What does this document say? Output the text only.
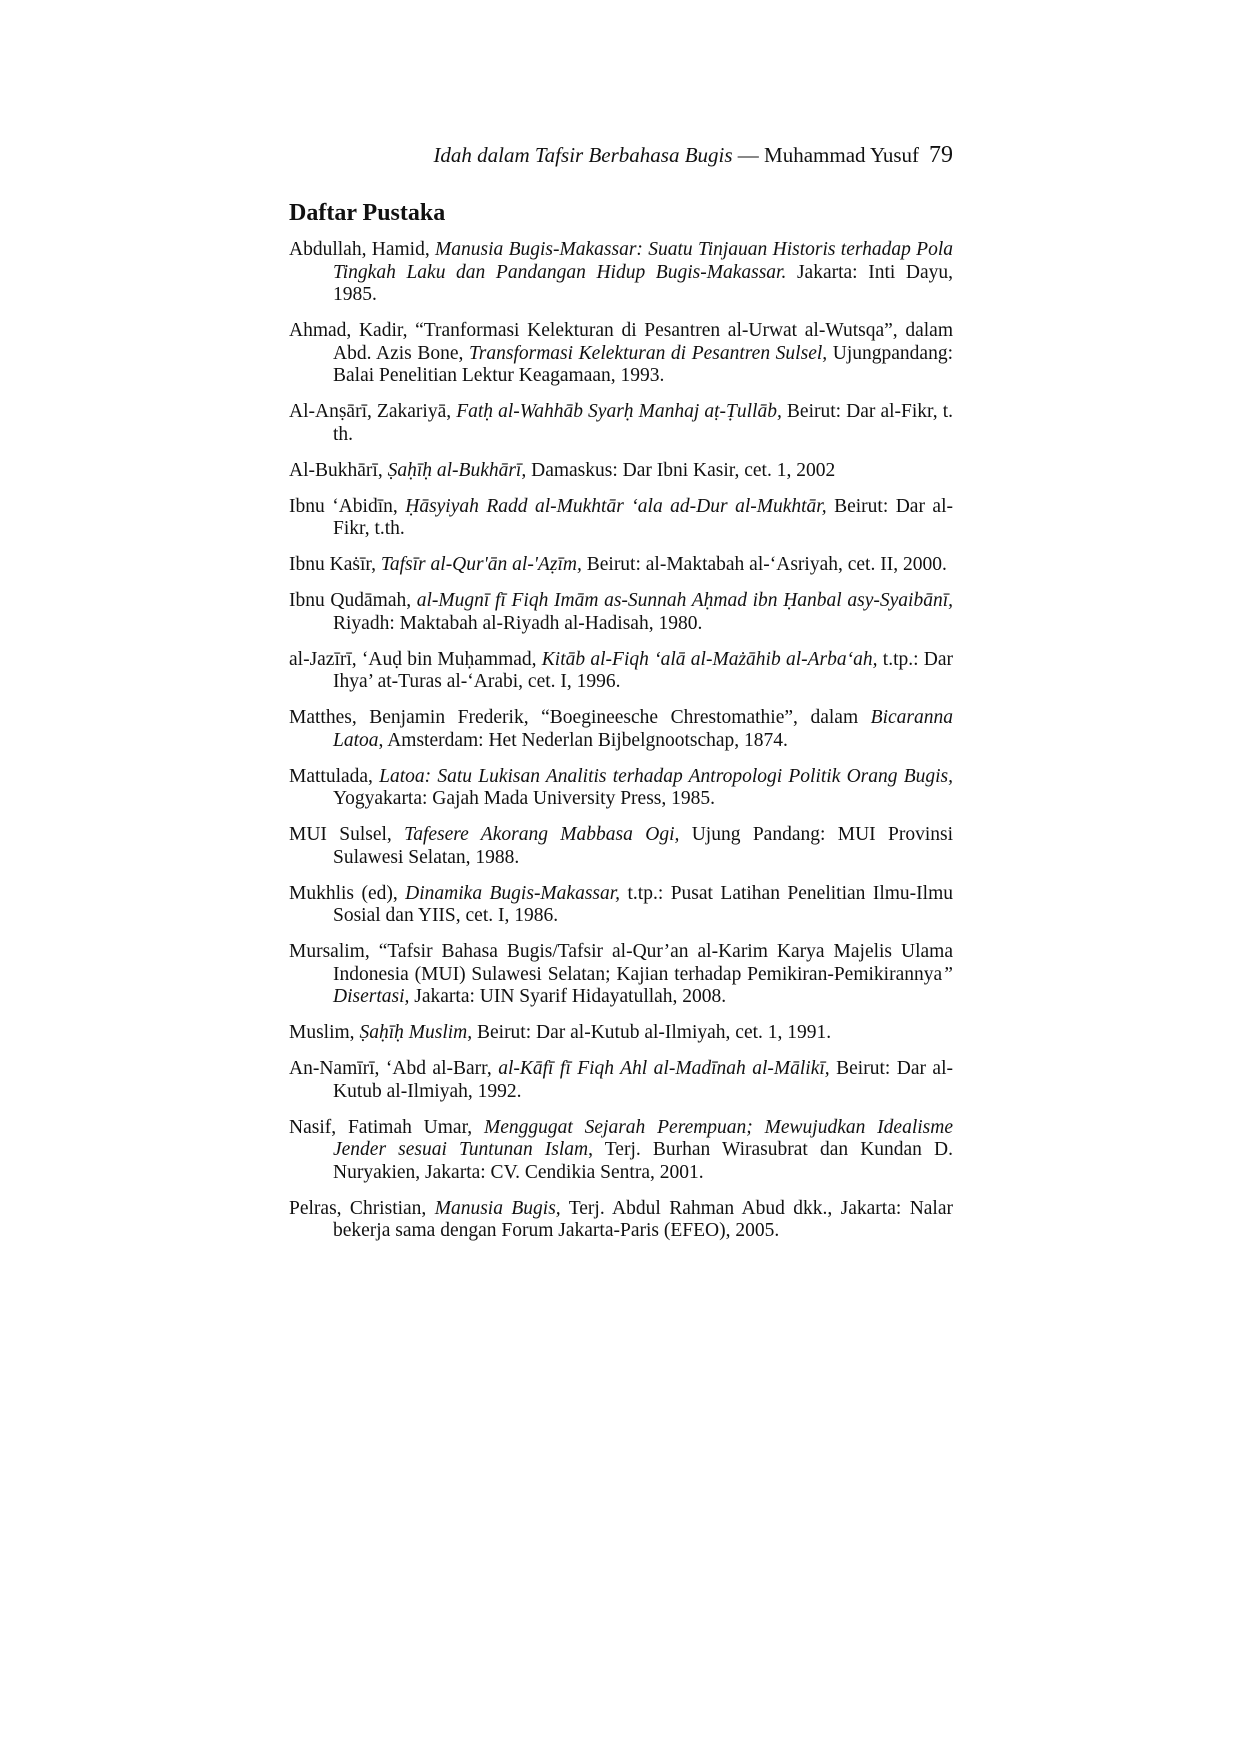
Idah dalam Tafsir Berbahasa Bugis — Muhammad Yusuf 79
Daftar Pustaka
Abdullah, Hamid, Manusia Bugis-Makassar: Suatu Tinjauan Historis terhadap Pola Tingkah Laku dan Pandangan Hidup Bugis-Makassar. Jakarta: Inti Dayu, 1985.
Ahmad, Kadir, “Tranformasi Kelekturan di Pesantren al-Urwat al-Wutsqa”, dalam Abd. Azis Bone, Transformasi Kelekturan di Pesantren Sulsel, Ujungpandang: Balai Penelitian Lektur Keagamaan, 1993.
Al-Anṣārī, Zakariyā, Fatḥ al-Wahhāb Syarḥ Manhaj aṭ-Ṭullāb, Beirut: Dar al-Fikr, t. th.
Al-Bukhārī, Ṣaḥīḥ al-Bukhārī, Damaskus: Dar Ibni Kasir, cet. 1, 2002
Ibnu ‘Abidīn, Ḥāsyiyah Radd al-Mukhtār ‘ala ad-Dur al-Mukhtār, Beirut: Dar al-Fikr, t.th.
Ibnu Kaṡīr, Tafsīr al-Qur'ān al-'Aẓīm, Beirut: al-Maktabah al-‘Asriyah, cet. II, 2000.
Ibnu Qudāmah, al-Mugnī fī Fiqh Imām as-Sunnah Aḥmad ibn Ḥanbal asy-Syaibānī, Riyadh: Maktabah al-Riyadh al-Hadisah, 1980.
al-Jazīrī, ‘Auḍ bin Muḥammad, Kitāb al-Fiqh ‘alā al-Mażāhib al-Arba‘ah, t.tp.: Dar Ihya’ at-Turas al-‘Arabi, cet. I, 1996.
Matthes, Benjamin Frederik, “Boegineesche Chrestomathie”, dalam Bicaranna Latoa, Amsterdam: Het Nederlan Bijbelgnootschap, 1874.
Mattulada, Latoa: Satu Lukisan Analitis terhadap Antropologi Politik Orang Bugis, Yogyakarta: Gajah Mada University Press, 1985.
MUI Sulsel, Tafesere Akorang Mabbasa Ogi, Ujung Pandang: MUI Provinsi Sulawesi Selatan, 1988.
Mukhlis (ed), Dinamika Bugis-Makassar, t.tp.: Pusat Latihan Penelitian Ilmu-Ilmu Sosial dan YIIS, cet. I, 1986.
Mursalim, “Tafsir Bahasa Bugis/Tafsir al-Qur’an al-Karim Karya Majelis Ulama Indonesia (MUI) Sulawesi Selatan; Kajian terhadap Pemikiran-Pemikirannya” Disertasi, Jakarta: UIN Syarif Hidayatullah, 2008.
Muslim, Ṣaḥīḥ Muslim, Beirut: Dar al-Kutub al-Ilmiyah, cet. 1, 1991.
An-Namīrī, ‘Abd al-Barr, al-Kāfī fī Fiqh Ahl al-Madīnah al-Mālikī, Beirut: Dar al-Kutub al-Ilmiyah, 1992.
Nasif, Fatimah Umar, Menggugat Sejarah Perempuan; Mewujudkan Idealisme Jender sesuai Tuntunan Islam, Terj. Burhan Wirasubrat dan Kundan D. Nuryakien, Jakarta: CV. Cendikia Sentra, 2001.
Pelras, Christian, Manusia Bugis, Terj. Abdul Rahman Abud dkk., Jakarta: Nalar bekerja sama dengan Forum Jakarta-Paris (EFEO), 2005.
